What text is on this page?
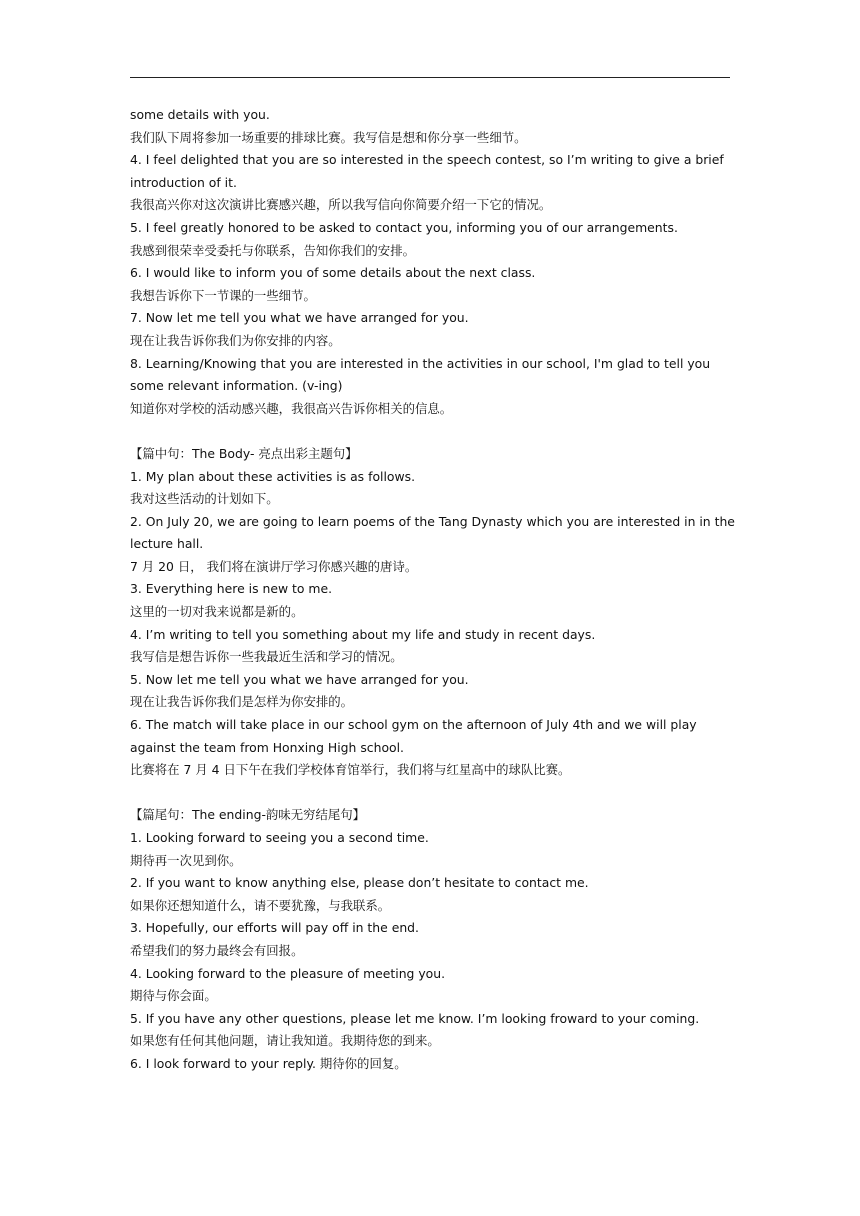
some details with you.
我们队下周将参加一场重要的排球比赛。我写信是想和你分享一些细节。
4. I feel delighted that you are so interested in the speech contest, so I’m writing to give a brief
introduction of it.
我很高兴你对这次演讲比赛感兴趣，所以我写信向你简要介绍一下它的情况。
5. I feel greatly honored to be asked to contact you, informing you of our arrangements.
我感到很荣幸受委托与你联系，告知你我们的安排。
6. I would like to inform you of some details about the next class.
我想告诉你下一节课的一些细节。
7. Now let me tell you what we have arranged for you.
现在让我告诉你我们为你安排的内容。
8. Learning/Knowing that you are interested in the activities in our school, I'm glad to tell you
some relevant information. (v-ing)
知道你对学校的活动感兴趣，我很高兴告诉你相关的信息。
【篇中句：The Body- 亮点出彩主题句】
1. My plan about these activities is as follows.
我对这些活动的计划如下。
2. On July 20, we are going to learn poems of the Tang Dynasty which you are interested in in the
lecture hall.
7 月 20 日， 我们将在演讲厅学习你感兴趣的唐诗。
3. Everything here is new to me.
这里的一切对我来说都是新的。
4. I’m writing to tell you something about my life and study in recent days.
我写信是想告诉你一些我最近生活和学习的情况。
5. Now let me tell you what we have arranged for you.
现在让我告诉你我们是怎样为你安排的。
6. The match will take place in our school gym on the afternoon of July 4th and we will play
against the team from Honxing High school.
比赛将在 7 月 4 日下午在我们学校体育馆举行，我们将与红星高中的球队比赛。
【篇尾句：The ending-韵味无穷结尾句】
1. Looking forward to seeing you a second time.
期待再一次见到你。
2. If you want to know anything else, please don’t hesitate to contact me.
如果你还想知道什么，请不要犹豫，与我联系。
3. Hopefully, our efforts will pay off in the end.
希望我们的努力最终会有回报。
4. Looking forward to the pleasure of meeting you.
期待与你会面。
5. If you have any other questions, please let me know. I’m looking froward to your coming.
如果您有任何其他问题，请让我知道。我期待您的到来。
6. I look forward to your reply. 期待你的回复。
